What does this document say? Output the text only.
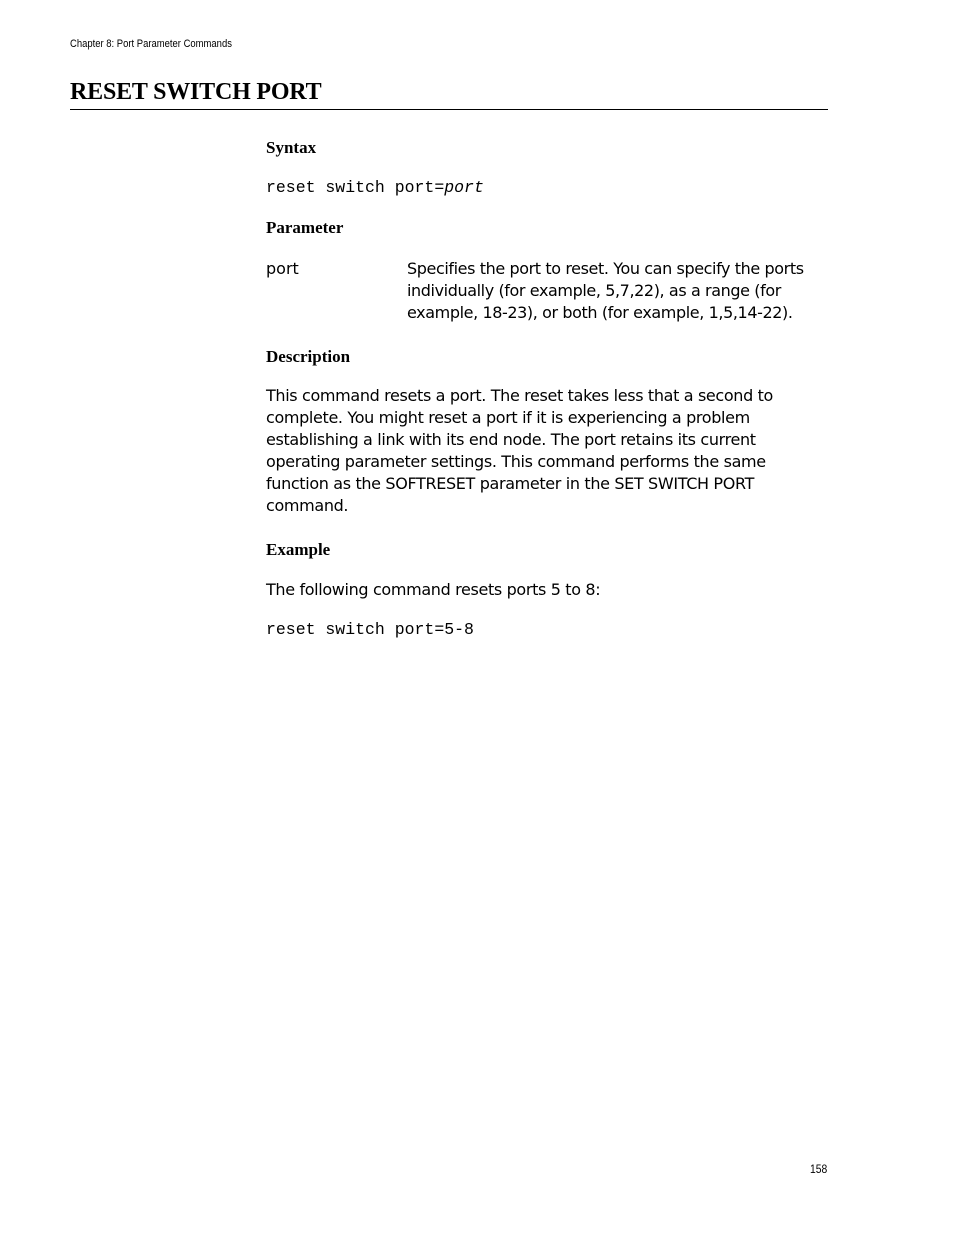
Chapter 8: Port Parameter Commands
RESET SWITCH PORT
Syntax
reset switch port=port
Parameter
port	Specifies the port to reset. You can specify the ports
individually (for example, 5,7,22), as a range (for
example, 18-23), or both (for example, 1,5,14-22).
Description
This command resets a port. The reset takes less that a second to
complete. You might reset a port if it is experiencing a problem
establishing a link with its end node. The port retains its current
operating parameter settings. This command performs the same
function as the SOFTRESET parameter in the SET SWITCH PORT
command.
Example
The following command resets ports 5 to 8:
reset switch port=5-8
158
